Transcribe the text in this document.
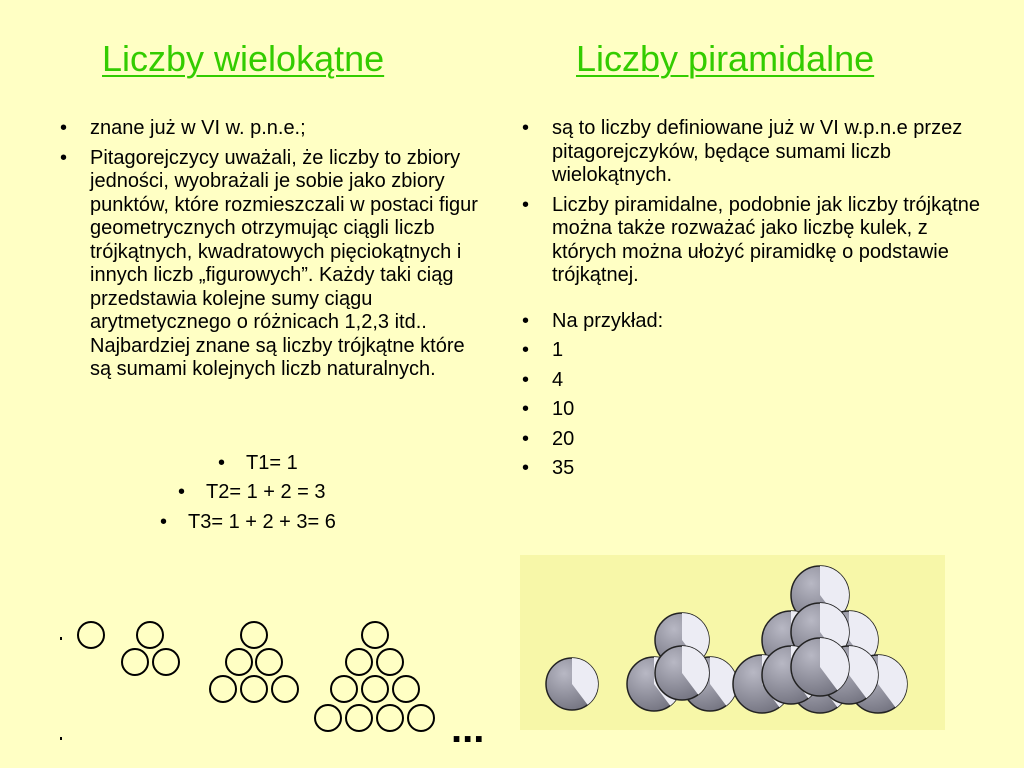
Liczby wielokątne	Liczby piramidalne
• znane już w VI w. p.n.e.;
• Pitagorejczycy uważali, że liczby to zbiory jedności, wyobrażali je sobie jako zbiory punktów, które rozmieszczali w postaci figur geometrycznych otrzymując ciągli liczb trójkątnych, kwadratowych pięciokątnych i innych liczb „figurowych”. Każdy taki ciąg przedstawia kolejne sumy ciągu arytmetycznego o różnicach 1,2,3 itd.. Najbardziej znane są liczby trójkątne które są sumami kolejnych liczb naturalnych.
• T1= 1
• T2= 1 + 2 = 3
• T3= 1 + 2 + 3= 6
• są to liczby definiowane już w VI w.p.n.e przez pitagorejczyków, będące sumami liczb wielokątnych.
• Liczby piramidalne, podobnie jak liczby trójkątne można także rozważać jako liczbę kulek, z których można ułożyć piramidkę o podstawie trójkątnej.
• Na przykład:
• 1
• 4
• 10
• 20
• 35
...
